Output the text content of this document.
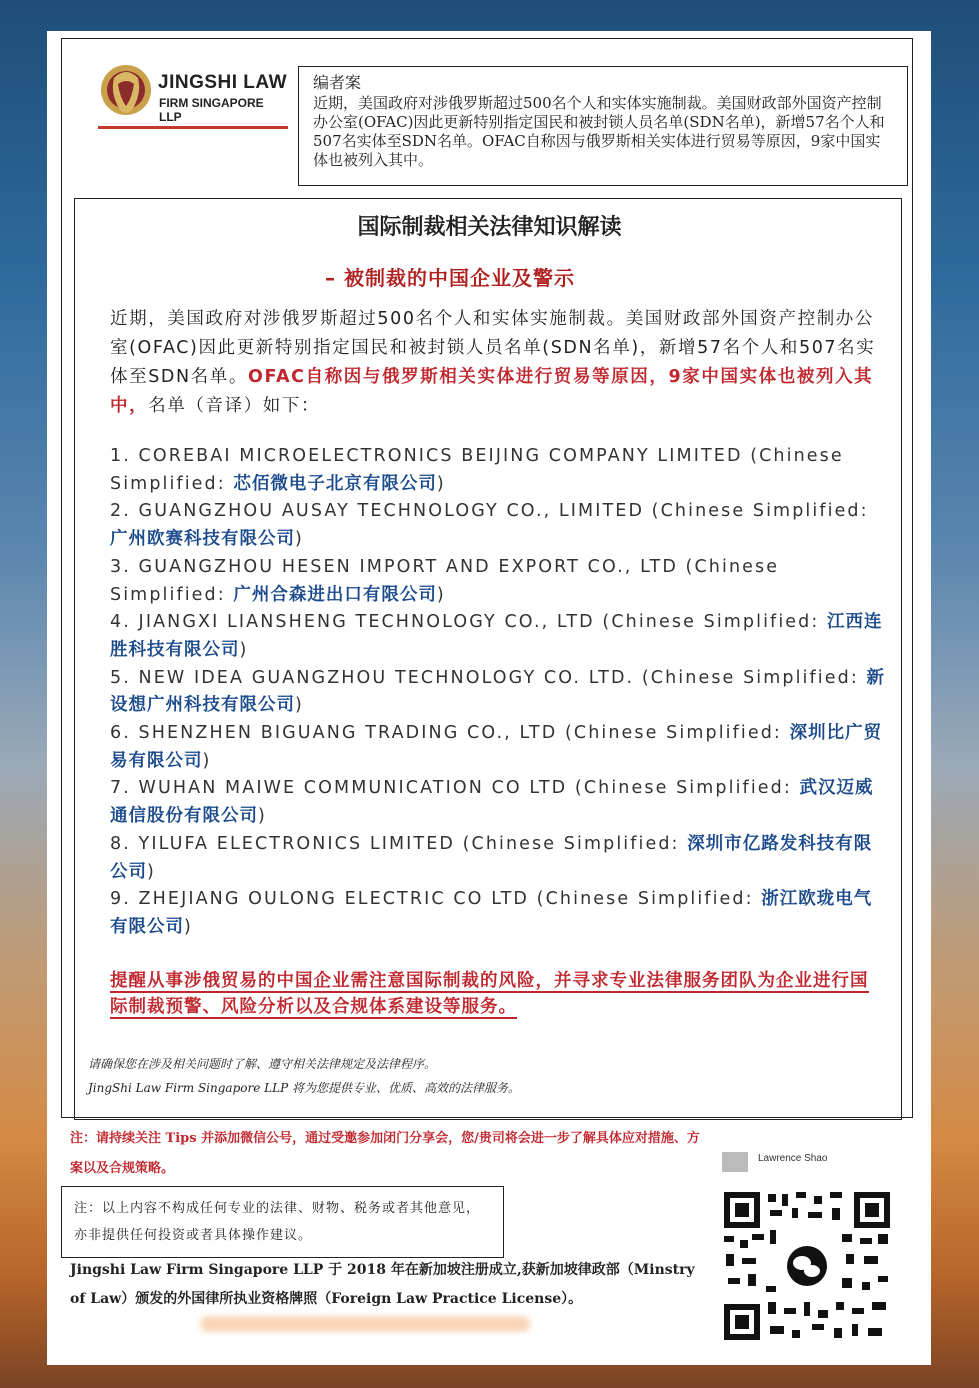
JINGSHI LAW
FIRM SINGAPORE LLP
编者案
近期，美国政府对涉俄罗斯超过500名个人和实体实施制裁。美国财政部外国资产控制办公室(OFAC)因此更新特别指定国民和被封锁人员名单(SDN名单)，新增57名个人和507名实体至SDN名单。OFAC自称因与俄罗斯相关实体进行贸易等原因，9家中国实体也被列入其中。
国际制裁相关法律知识解读
– 被制裁的中国企业及警示
近期，美国政府对涉俄罗斯超过500名个人和实体实施制裁。美国财政部外国资产控制办公室(OFAC)因此更新特别指定国民和被封锁人员名单(SDN名单)，新增57名个人和507名实体至SDN名单。OFAC自称因与俄罗斯相关实体进行贸易等原因，9家中国实体也被列入其中，名单（音译）如下：
1. COREBAI MICROELECTRONICS BEIJING COMPANY LIMITED (Chinese Simplified: 芯佰微电子北京有限公司)
2. GUANGZHOU AUSAY TECHNOLOGY CO., LIMITED (Chinese Simplified: 广州欧赛科技有限公司)
3. GUANGZHOU HESEN IMPORT AND EXPORT CO., LTD (Chinese Simplified: 广州合森进出口有限公司)
4. JIANGXI LIANSHENG TECHNOLOGY CO., LTD (Chinese Simplified: 江西连胜科技有限公司)
5. NEW IDEA GUANGZHOU TECHNOLOGY CO. LTD. (Chinese Simplified: 新设想广州科技有限公司)
6. SHENZHEN BIGUANG TRADING CO., LTD (Chinese Simplified: 深圳比广贸易有限公司)
7. WUHAN MAIWE COMMUNICATION CO LTD (Chinese Simplified: 武汉迈威通信股份有限公司)
8. YILUFA ELECTRONICS LIMITED (Chinese Simplified: 深圳市亿路发科技有限公司)
9. ZHEJIANG OULONG ELECTRIC CO LTD (Chinese Simplified: 浙江欧珑电气有限公司)
提醒从事涉俄贸易的中国企业需注意国际制裁的风险，并寻求专业法律服务团队为企业进行国际制裁预警、风险分析以及合规体系建设等服务。
请确保您在涉及相关问题时了解、遵守相关法律规定及法律程序。
JingShi Law Firm Singapore LLP 将为您提供专业、优质、高效的法律服务。
注：请持续关注 Tips 并添加微信公号，通过受邀参加闭门分享会，您/贵司将会进一步了解具体应对措施、方案以及合规策略。
注：以上内容不构成任何专业的法律、财物、税务或者其他意见，亦非提供任何投资或者具体操作建议。
Jingshi Law Firm Singapore LLP 于 2018 年在新加坡注册成立,获新加坡律政部（Minstry of Law）颁发的外国律所执业资格牌照（Foreign Law Practice License）。
Lawrence Shao
